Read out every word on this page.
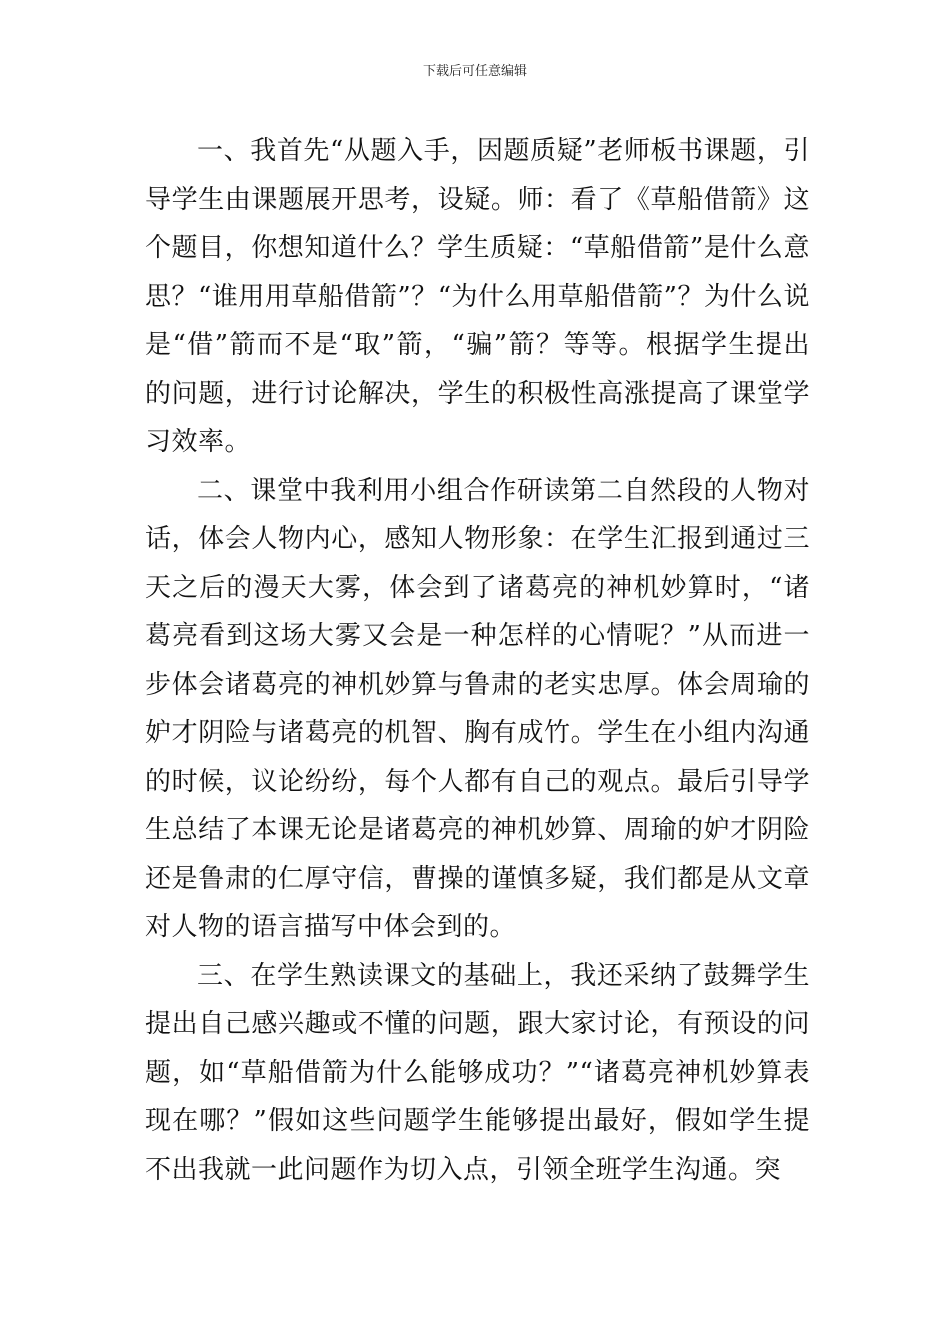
下载后可任意编辑

一、我首先“从题入手，因题质疑”老师板书课题，引导学生由课题展开思考，设疑。师：看了《草船借箭》这个题目，你想知道什么？学生质疑：“草船借箭”是什么意思？“谁用用草船借箭”？“为什么用草船借箭”？为什么说是“借”箭而不是“取”箭，“骗”箭？等等。根据学生提出的问题，进行讨论解决，学生的积极性高涨提高了课堂学习效率。

二、课堂中我利用小组合作研读第二自然段的人物对话，体会人物内心，感知人物形象：在学生汇报到通过三天之后的漫天大雾，体会到了诸葛亮的神机妙算时，“诸葛亮看到这场大雾又会是一种怎样的心情呢？”从而进一步体会诸葛亮的神机妙算与鲁肃的老实忠厚。体会周瑜的妒才阴险与诸葛亮的机智、胸有成竹。学生在小组内沟通的时候，议论纷纷，每个人都有自己的观点。最后引导学生总结了本课无论是诸葛亮的神机妙算、周瑜的妒才阴险还是鲁肃的仁厚守信，曹操的谨慎多疑，我们都是从文章对人物的语言描写中体会到的。

三、在学生熟读课文的基础上，我还采纳了鼓舞学生提出自己感兴趣或不懂的问题，跟大家讨论，有预设的问题，如“草船借箭为什么能够成功？”“诸葛亮神机妙算表现在哪？”假如这些问题学生能够提出最好，假如学生提不出我就一此问题作为切入点，引领全班学生沟通。突
